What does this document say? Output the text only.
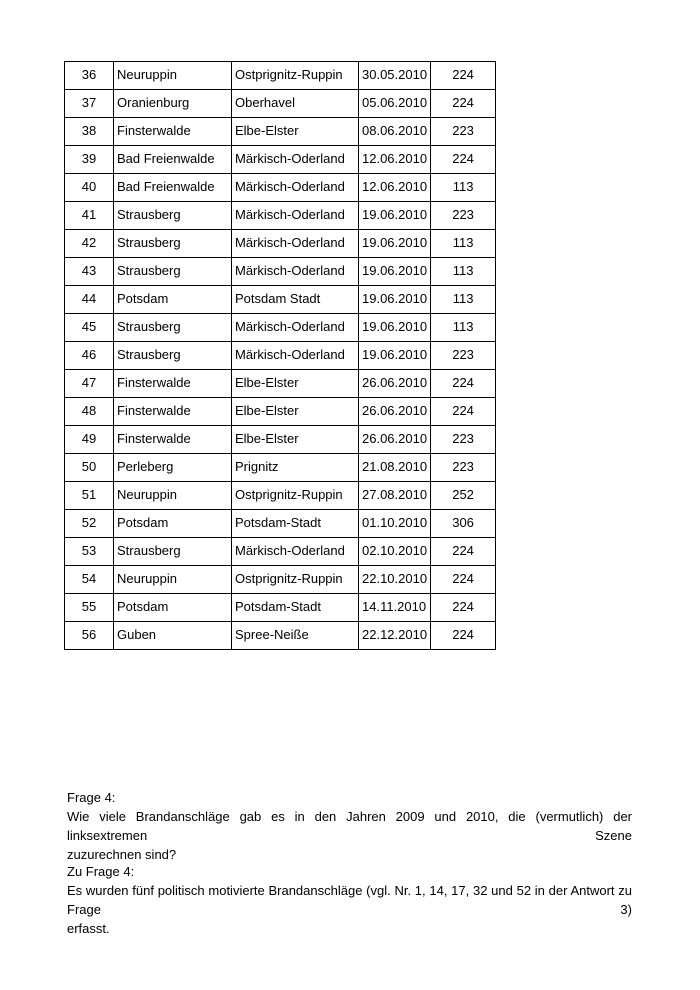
36	Neuruppin	Ostprignitz-Ruppin	30.05.2010	224
37	Oranienburg	Oberhavel	05.06.2010	224
38	Finsterwalde	Elbe-Elster	08.06.2010	223
39	Bad Freienwalde	Märkisch-Oderland	12.06.2010	224
40	Bad Freienwalde	Märkisch-Oderland	12.06.2010	113
41	Strausberg	Märkisch-Oderland	19.06.2010	223
42	Strausberg	Märkisch-Oderland	19.06.2010	113
43	Strausberg	Märkisch-Oderland	19.06.2010	113
44	Potsdam	Potsdam Stadt	19.06.2010	113
45	Strausberg	Märkisch-Oderland	19.06.2010	113
46	Strausberg	Märkisch-Oderland	19.06.2010	223
47	Finsterwalde	Elbe-Elster	26.06.2010	224
48	Finsterwalde	Elbe-Elster	26.06.2010	224
49	Finsterwalde	Elbe-Elster	26.06.2010	223
50	Perleberg	Prignitz	21.08.2010	223
51	Neuruppin	Ostprignitz-Ruppin	27.08.2010	252
52	Potsdam	Potsdam-Stadt	01.10.2010	306
53	Strausberg	Märkisch-Oderland	02.10.2010	224
54	Neuruppin	Ostprignitz-Ruppin	22.10.2010	224
55	Potsdam	Potsdam-Stadt	14.11.2010	224
56	Guben	Spree-Neiße	22.12.2010	224

Frage 4:

Wie viele Brandanschläge gab es in den Jahren 2009 und 2010, die (vermutlich) der linksextremen Szene

zuzurechnen sind?

Zu Frage 4:

Es wurden fünf politisch motivierte Brandanschläge (vgl. Nr. 1, 14, 17, 32 und 52 in der Antwort zu Frage 3)

erfasst.
